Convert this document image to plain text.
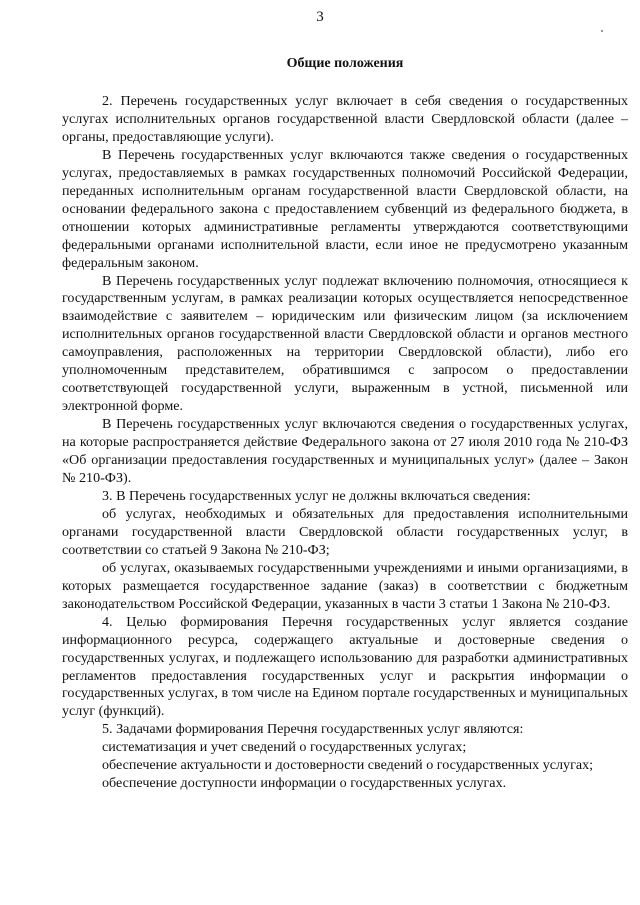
3
Общие положения

2. Перечень государственных услуг включает в себя сведения о государственных услугах исполнительных органов государственной власти Свердловской области (далее – органы, предоставляющие услуги).

В Перечень государственных услуг включаются также сведения о государственных услугах, предоставляемых в рамках государственных полномочий Российской Федерации, переданных исполнительным органам государственной власти Свердловской области, на основании федерального закона с предоставлением субвенций из федерального бюджета, в отношении которых административные регламенты утверждаются соответствующими федеральными органами исполнительной власти, если иное не предусмотрено указанным федеральным законом.

В Перечень государственных услуг подлежат включению полномочия, относящиеся к государственным услугам, в рамках реализации которых осуществляется непосредственное взаимодействие с заявителем – юридическим или физическим лицом (за исключением исполнительных органов государственной власти Свердловской области и органов местного самоуправления, расположенных на территории Свердловской области), либо его уполномоченным представителем, обратившимся с запросом о предоставлении соответствующей государственной услуги, выраженным в устной, письменной или электронной форме.

В Перечень государственных услуг включаются сведения о государственных услугах, на которые распространяется действие Федерального закона от 27 июля 2010 года № 210-ФЗ «Об организации предоставления государственных и муниципальных услуг» (далее – Закон № 210-ФЗ).

3. В Перечень государственных услуг не должны включаться сведения:

об услугах, необходимых и обязательных для предоставления исполнительными органами государственной власти Свердловской области государственных услуг, в соответствии со статьей 9 Закона № 210-ФЗ;

об услугах, оказываемых государственными учреждениями и иными организациями, в которых размещается государственное задание (заказ) в соответствии с бюджетным законодательством Российской Федерации, указанных в части 3 статьи 1 Закона № 210-ФЗ.

4. Целью формирования Перечня государственных услуг является создание информационного ресурса, содержащего актуальные и достоверные сведения о государственных услугах, и подлежащего использованию для разработки административных регламентов предоставления государственных услуг и раскрытия информации о государственных услугах, в том числе на Едином портале государственных и муниципальных услуг (функций).

5. Задачами формирования Перечня государственных услуг являются:

систематизация и учет сведений о государственных услугах;

обеспечение актуальности и достоверности сведений о государственных услугах;

обеспечение доступности информации о государственных услугах.
